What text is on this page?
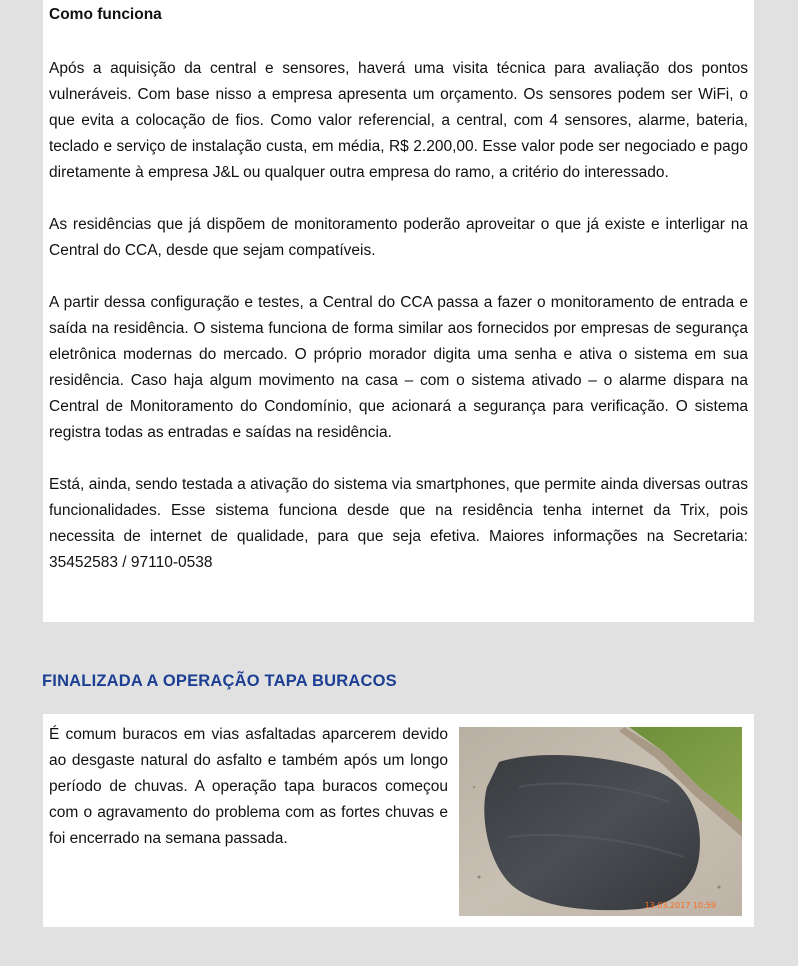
Como funciona

Após a aquisição da central e sensores, haverá uma visita técnica para avaliação dos pontos vulneráveis. Com base nisso a empresa apresenta um orçamento. Os sensores podem ser WiFi, o que evita a colocação de fios. Como valor referencial, a central, com 4 sensores, alarme, bateria, teclado e serviço de instalação custa, em média, R$ 2.200,00. Esse valor pode ser negociado e pago diretamente à empresa J&L ou qualquer outra empresa do ramo, a critério do interessado.

As residências que já dispõem de monitoramento poderão aproveitar o que já existe e interligar na Central do CCA, desde que sejam compatíveis.

A partir dessa configuração e testes, a Central do CCA passa a fazer o monitoramento de entrada e saída na residência. O sistema funciona de forma similar aos fornecidos por empresas de segurança eletrônica modernas do mercado. O próprio morador digita uma senha e ativa o sistema em sua residência. Caso haja algum movimento na casa – com o sistema ativado – o alarme dispara na Central de Monitoramento do Condomínio, que acionará a segurança para verificação. O sistema registra todas as entradas e saídas na residência.

Está, ainda, sendo testada a ativação do sistema via smartphones, que permite ainda diversas outras funcionalidades. Esse sistema funciona desde que na residência tenha internet da Trix, pois necessita de internet de qualidade, para que seja efetiva. Maiores informações na Secretaria: 35452583 / 97110-0538

FINALIZADA A OPERAÇÃO TAPA BURACOS

É comum buracos em vias asfaltadas aparcerem devido ao desgaste natural do asfalto e também após um longo período de chuvas. A operação tapa buracos começou com o agravamento do problema com as fortes chuvas e foi encerrado na semana passada.

13.03.2017 10:59
